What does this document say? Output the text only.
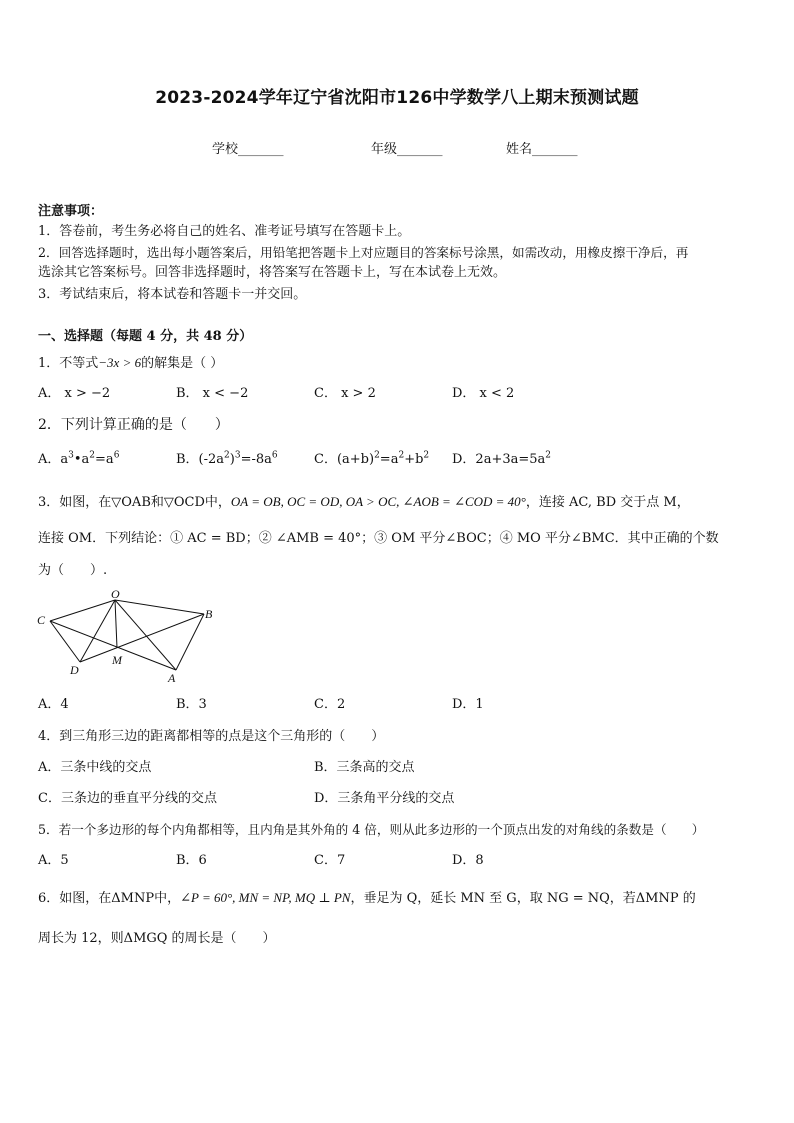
2023-2024学年辽宁省沈阳市126中学数学八上期末预测试题
学校_______	年级_______	姓名_______
注意事项：
1．答卷前，考生务必将自己的姓名、准考证号填写在答题卡上。
2．回答选择题时，选出每小题答案后，用铅笔把答题卡上对应题目的答案标号涂黑，如需改动，用橡皮擦干净后，再
选涂其它答案标号。回答非选择题时，将答案写在答题卡上，写在本试卷上无效。
3．考试结束后，将本试卷和答题卡一并交回。
一、选择题（每题 4 分，共 48 分）
1．不等式−3x > 6的解集是（ ）
A． x > −2	B． x < −2	C． x > 2	D． x < 2
2．下列计算正确的是（　　）
A．$a^3•a^2=a^6$	B．$(-2a^2)^3=-8a^6$	C．$(a+b)^2=a^2+b^2$ D．$2a+3a=5a^2$
3．如图，在▽OAB和▽OCD中，OA = OB, OC = OD, OA > OC, ∠AOB = ∠COD = 40°，连接 AC, BD 交于点 M，
连接 OM．下列结论：① AC = BD；② ∠AMB = 40°；③ OM 平分∠BOC；④ MO 平分∠BMC．其中正确的个数
为（　　）.
O
B
C
D
M
A
A．4	B．3	C．2	D．1
4．到三角形三边的距离都相等的点是这个三角形的（　　）
A．三条中线的交点	B．三条高的交点
C．三条边的垂直平分线的交点	D．三条角平分线的交点
5．若一个多边形的每个内角都相等，且内角是其外角的 4 倍，则从此多边形的一个顶点出发的对角线的条数是（　　）
A．5	B．6	C．7	D．8
6．如图，在ΔMNP中，∠P = 60°, MN = NP, MQ ⊥ PN，垂足为 Q，延长 MN 至 G，取 NG = NQ，若ΔMNP 的
周长为 12，则ΔMGQ 的周长是（　　）
